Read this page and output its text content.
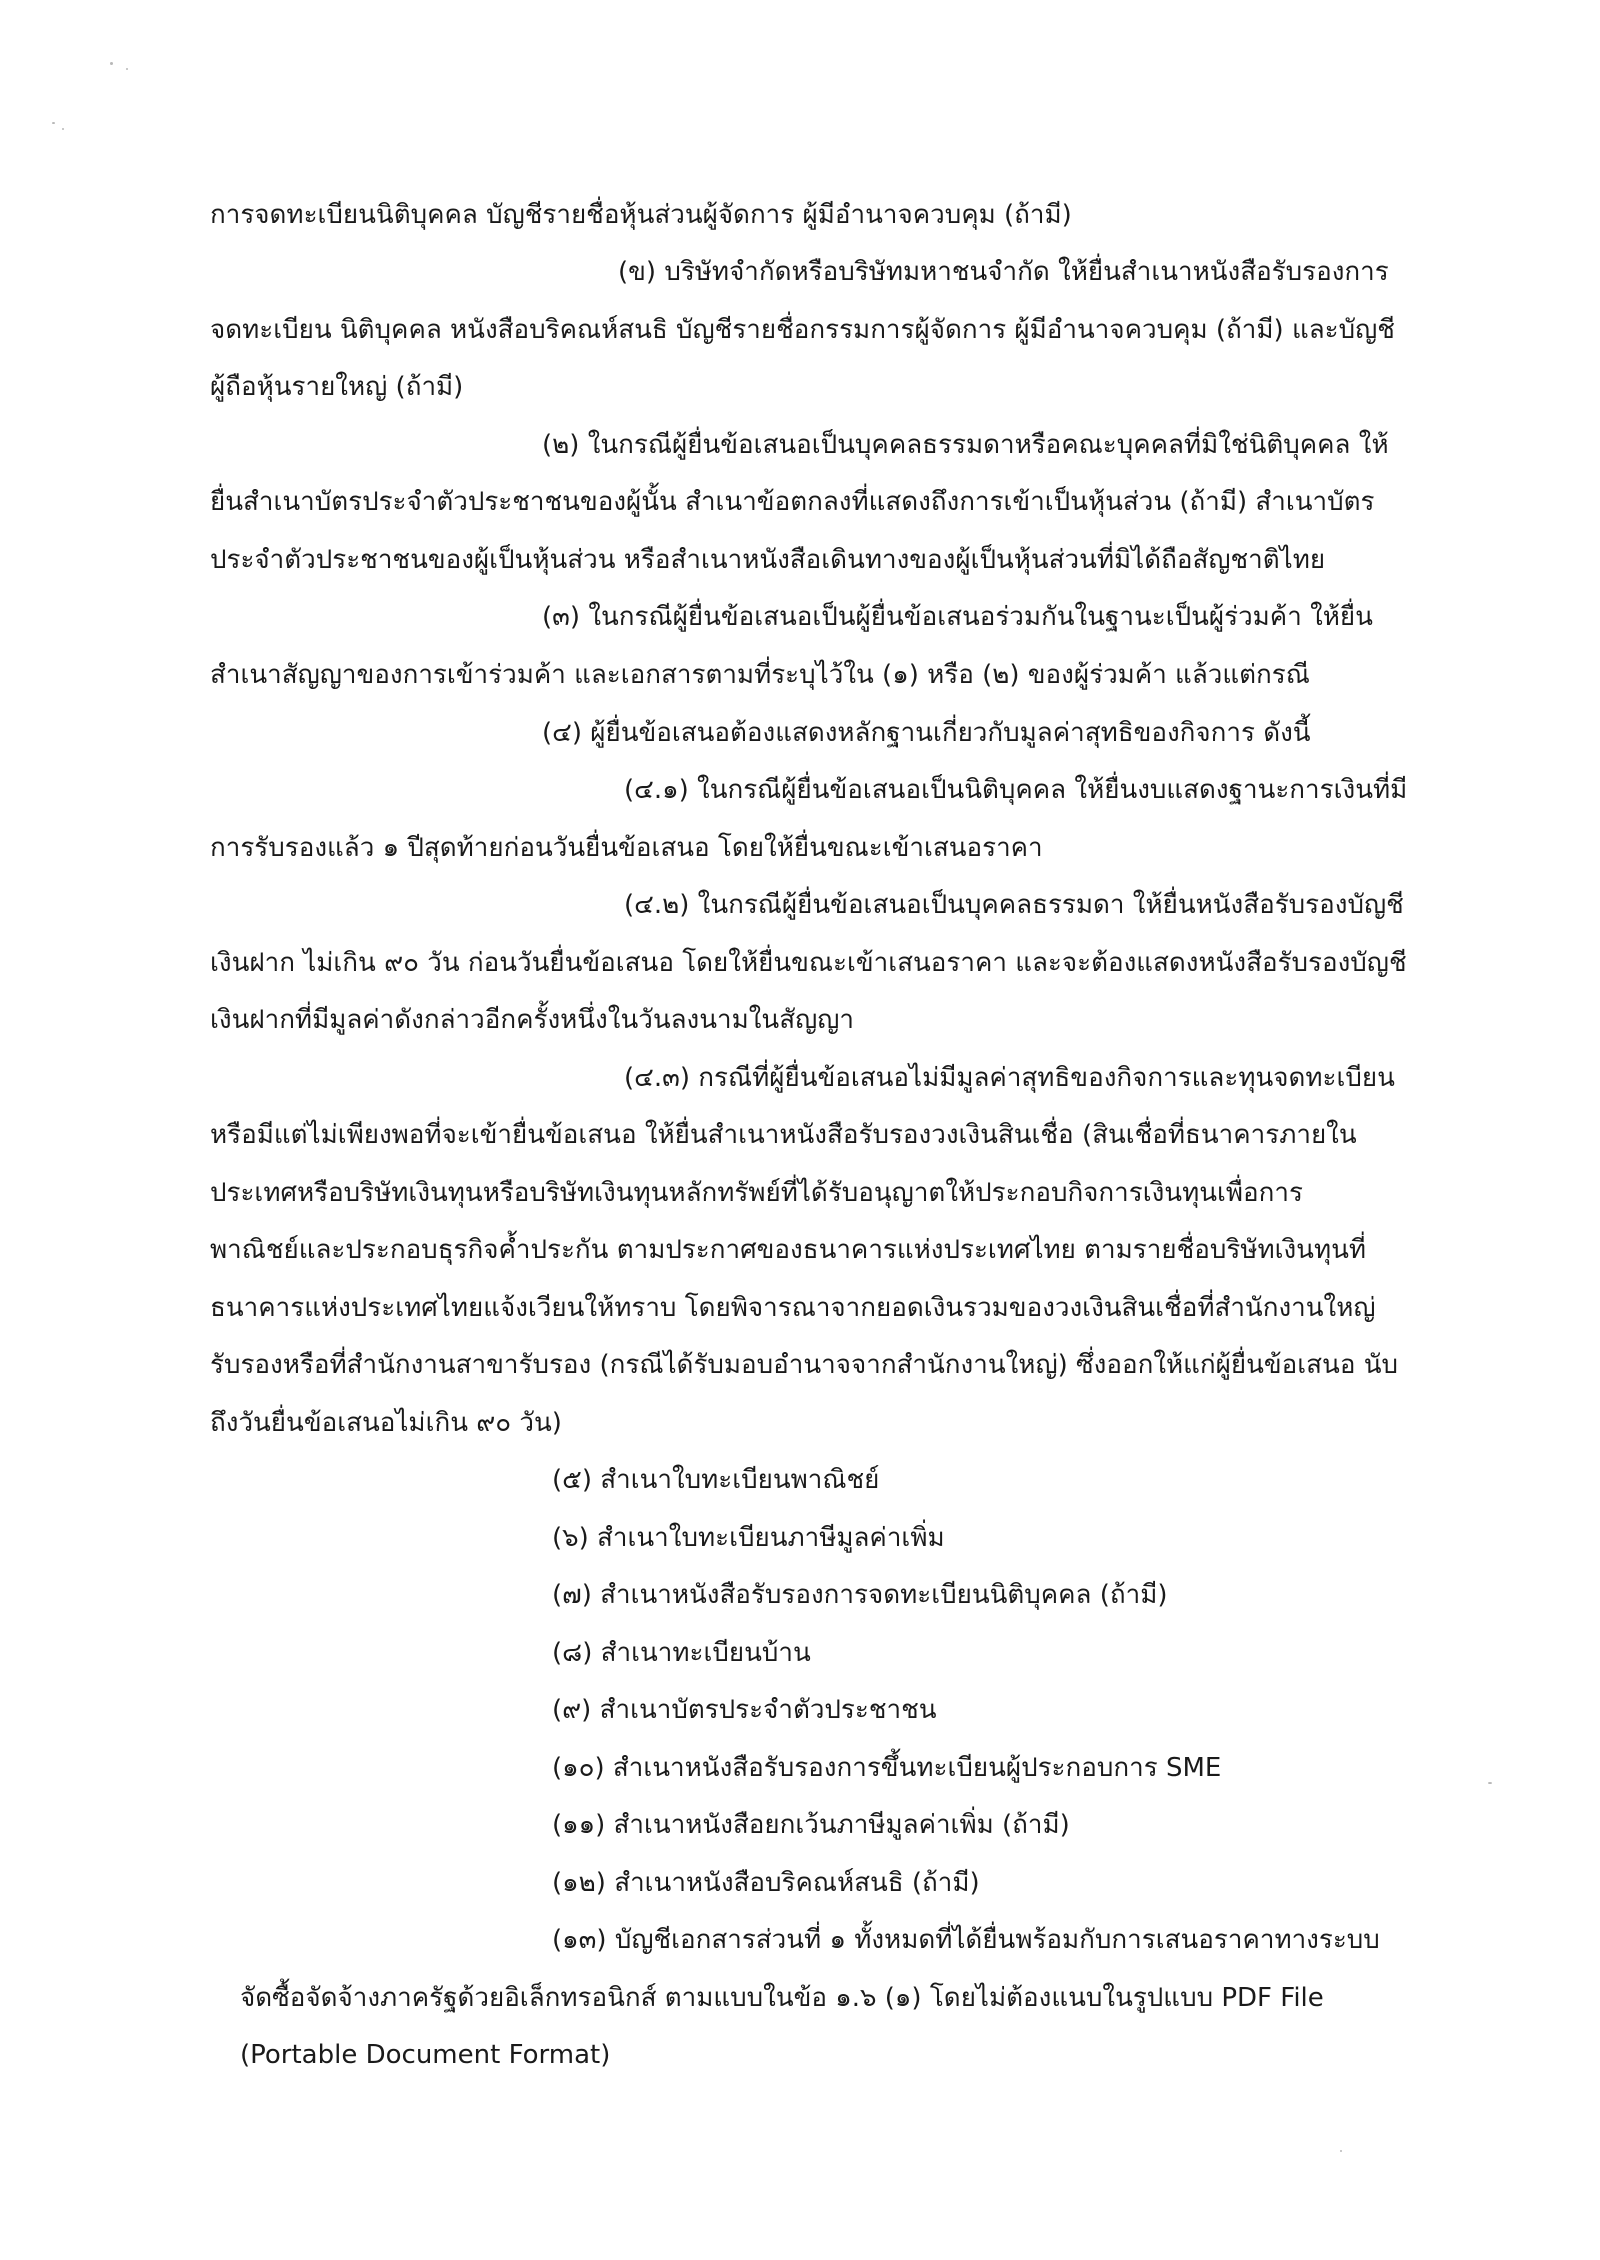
การจดทะเบียนนิติบุคคล บัญชีรายชื่อหุ้นส่วนผู้จัดการ ผู้มีอำนาจควบคุม (ถ้ามี)
(ข) บริษัทจำกัดหรือบริษัทมหาชนจำกัด ให้ยื่นสำเนาหนังสือรับรองการ
จดทะเบียน นิติบุคคล หนังสือบริคณห์สนธิ บัญชีรายชื่อกรรมการผู้จัดการ ผู้มีอำนาจควบคุม (ถ้ามี) และบัญชี
ผู้ถือหุ้นรายใหญ่ (ถ้ามี)
(๒) ในกรณีผู้ยื่นข้อเสนอเป็นบุคคลธรรมดาหรือคณะบุคคลที่มิใช่นิติบุคคล ให้
ยื่นสำเนาบัตรประจำตัวประชาชนของผู้นั้น สำเนาข้อตกลงที่แสดงถึงการเข้าเป็นหุ้นส่วน (ถ้ามี) สำเนาบัตร
ประจำตัวประชาชนของผู้เป็นหุ้นส่วน หรือสำเนาหนังสือเดินทางของผู้เป็นหุ้นส่วนที่มิได้ถือสัญชาติไทย
(๓) ในกรณีผู้ยื่นข้อเสนอเป็นผู้ยื่นข้อเสนอร่วมกันในฐานะเป็นผู้ร่วมค้า ให้ยื่น
สำเนาสัญญาของการเข้าร่วมค้า และเอกสารตามที่ระบุไว้ใน (๑) หรือ (๒) ของผู้ร่วมค้า แล้วแต่กรณี
(๔) ผู้ยื่นข้อเสนอต้องแสดงหลักฐานเกี่ยวกับมูลค่าสุทธิของกิจการ ดังนี้
(๔.๑) ในกรณีผู้ยื่นข้อเสนอเป็นนิติบุคคล ให้ยื่นงบแสดงฐานะการเงินที่มี
การรับรองแล้ว ๑ ปีสุดท้ายก่อนวันยื่นข้อเสนอ โดยให้ยื่นขณะเข้าเสนอราคา
(๔.๒) ในกรณีผู้ยื่นข้อเสนอเป็นบุคคลธรรมดา ให้ยื่นหนังสือรับรองบัญชี
เงินฝาก ไม่เกิน ๙๐ วัน ก่อนวันยื่นข้อเสนอ โดยให้ยื่นขณะเข้าเสนอราคา และจะต้องแสดงหนังสือรับรองบัญชี
เงินฝากที่มีมูลค่าดังกล่าวอีกครั้งหนึ่งในวันลงนามในสัญญา
(๔.๓) กรณีที่ผู้ยื่นข้อเสนอไม่มีมูลค่าสุทธิของกิจการและทุนจดทะเบียน
หรือมีแต่ไม่เพียงพอที่จะเข้ายื่นข้อเสนอ ให้ยื่นสำเนาหนังสือรับรองวงเงินสินเชื่อ (สินเชื่อที่ธนาคารภายใน
ประเทศหรือบริษัทเงินทุนหรือบริษัทเงินทุนหลักทรัพย์ที่ได้รับอนุญาตให้ประกอบกิจการเงินทุนเพื่อการ
พาณิชย์และประกอบธุรกิจค้ำประกัน ตามประกาศของธนาคารแห่งประเทศไทย ตามรายชื่อบริษัทเงินทุนที่
ธนาคารแห่งประเทศไทยแจ้งเวียนให้ทราบ โดยพิจารณาจากยอดเงินรวมของวงเงินสินเชื่อที่สำนักงานใหญ่
รับรองหรือที่สำนักงานสาขารับรอง (กรณีได้รับมอบอำนาจจากสำนักงานใหญ่) ซึ่งออกให้แก่ผู้ยื่นข้อเสนอ นับ
ถึงวันยื่นข้อเสนอไม่เกิน ๙๐ วัน)
(๕) สำเนาใบทะเบียนพาณิชย์
(๖) สำเนาใบทะเบียนภาษีมูลค่าเพิ่ม
(๗) สำเนาหนังสือรับรองการจดทะเบียนนิติบุคคล (ถ้ามี)
(๘) สำเนาทะเบียนบ้าน
(๙) สำเนาบัตรประจำตัวประชาชน
(๑๐) สำเนาหนังสือรับรองการขึ้นทะเบียนผู้ประกอบการ SME
(๑๑) สำเนาหนังสือยกเว้นภาษีมูลค่าเพิ่ม (ถ้ามี)
(๑๒) สำเนาหนังสือบริคณห์สนธิ (ถ้ามี)
(๑๓) บัญชีเอกสารส่วนที่ ๑ ทั้งหมดที่ได้ยื่นพร้อมกับการเสนอราคาทางระบบ
จัดซื้อจัดจ้างภาครัฐด้วยอิเล็กทรอนิกส์ ตามแบบในข้อ ๑.๖ (๑) โดยไม่ต้องแนบในรูปแบบ PDF File
(Portable Document Format)
